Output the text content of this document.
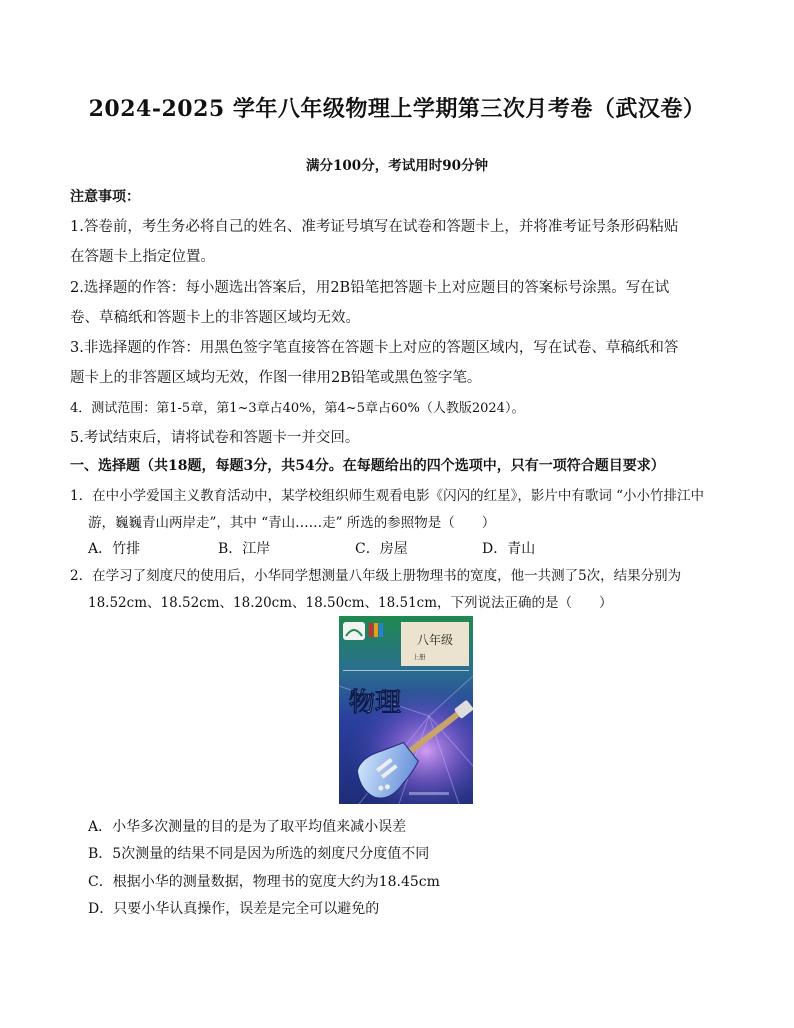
2024-2025 学年八年级物理上学期第三次月考卷（武汉卷）
满分100分，考试用时90分钟
注意事项：
1.答卷前，考生务必将自己的姓名、准考证号填写在试卷和答题卡上，并将准考证号条形码粘贴
在答题卡上指定位置。
2.选择题的作答：每小题选出答案后，用2B铅笔把答题卡上对应题目的答案标号涂黑。写在试
卷、草稿纸和答题卡上的非答题区域均无效。
3.非选择题的作答：用黑色签字笔直接答在答题卡上对应的答题区域内，写在试卷、草稿纸和答
题卡上的非答题区域均无效，作图一律用2B铅笔或黑色签字笔。
4．测试范围：第1-5章，第1~3章占40%，第4~5章占60%（人教版2024）。
5.考试结束后，请将试卷和答题卡一并交回。
一、选择题（共18题，每题3分，共54分。在每题给出的四个选项中，只有一项符合题目要求）
1．在中小学爱国主义教育活动中，某学校组织师生观看电影《闪闪的红星》，影片中有歌词 “小小竹排江中
游，巍巍青山两岸走”，其中 “青山……走” 所选的参照物是（　　）
A．竹排	B．江岸	C．房屋	D．青山
2．在学习了刻度尺的使用后，小华同学想测量八年级上册物理书的宽度，他一共测了5次，结果分别为
18.52cm、18.52cm、18.20cm、18.50cm、18.51cm，下列说法正确的是（　　）
八年级
上册
物理
A．小华多次测量的目的是为了取平均值来减小误差
B．5次测量的结果不同是因为所选的刻度尺分度值不同
C．根据小华的测量数据，物理书的宽度大约为18.45cm
D．只要小华认真操作，误差是完全可以避免的
